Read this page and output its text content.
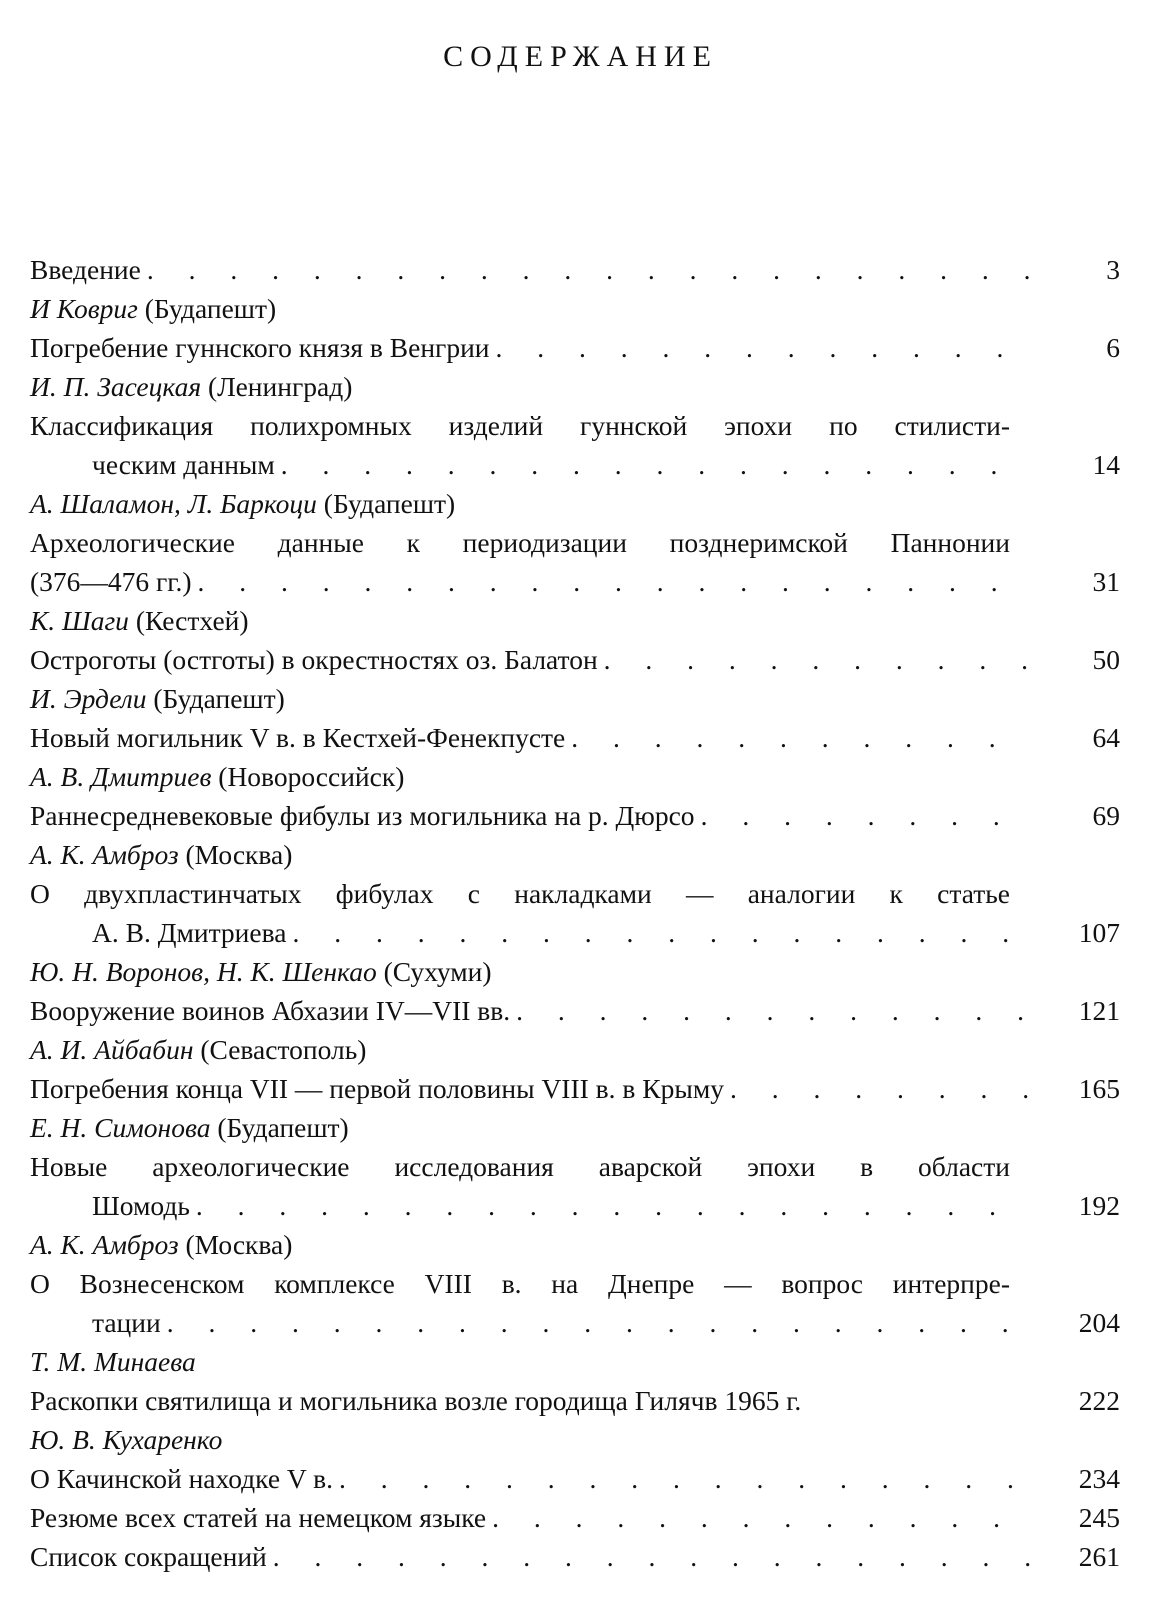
СОДЕРЖАНИЕ
Введение . . .	3
И Ковриг (Будапешт)
Погребение гуннского князя в Венгрии . . .	6
И. П. Засецкая (Ленинград)
Классификация полихромных изделий гуннской эпохи по стилисти-
ческим данным . . .	14
А. Шаламон, Л. Баркоци (Будапешт)
Археологические данные к периодизации позднеримской Паннонии
(376—476 гг.) . . .	31
К. Шаги (Кестхей)
Остроготы (остготы) в окрестностях оз. Балатон . . .	50
И. Эрдели (Будапешт)
Новый могильник V в. в Кестхей-Фенекпусте . . .	64
А. В. Дмитриев (Новороссийск)
Раннесредневековые фибулы из могильника на р. Дюрсо . . .	69
А. К. Амброз (Москва)
О двухпластинчатых фибулах с накладками — аналогии к статье
А. В. Дмитриева . . .	107
Ю. Н. Воронов, Н. К. Шенкао (Сухуми)
Вооружение воинов Абхазии IV—VII вв. . . .	121
А. И. Айбабин (Севастополь)
Погребения конца VII — первой половины VIII в. в Крыму . . .	165
Е. Н. Симонова (Будапешт)
Новые археологические исследования аварской эпохи в области
Шомодь . . .	192
А. К. Амброз (Москва)
О Вознесенском комплексе VIII в. на Днепре — вопрос интерпре-
тации . . .	204
Т. М. Минаева
Раскопки святилища и могильника возле городища Гилячв 1965 г.	222
Ю. В. Кухаренко
О Качинской находке V в. . . .	234
Резюме всех статей на немецком языке . . .	245
Список сокращений . . .	261
